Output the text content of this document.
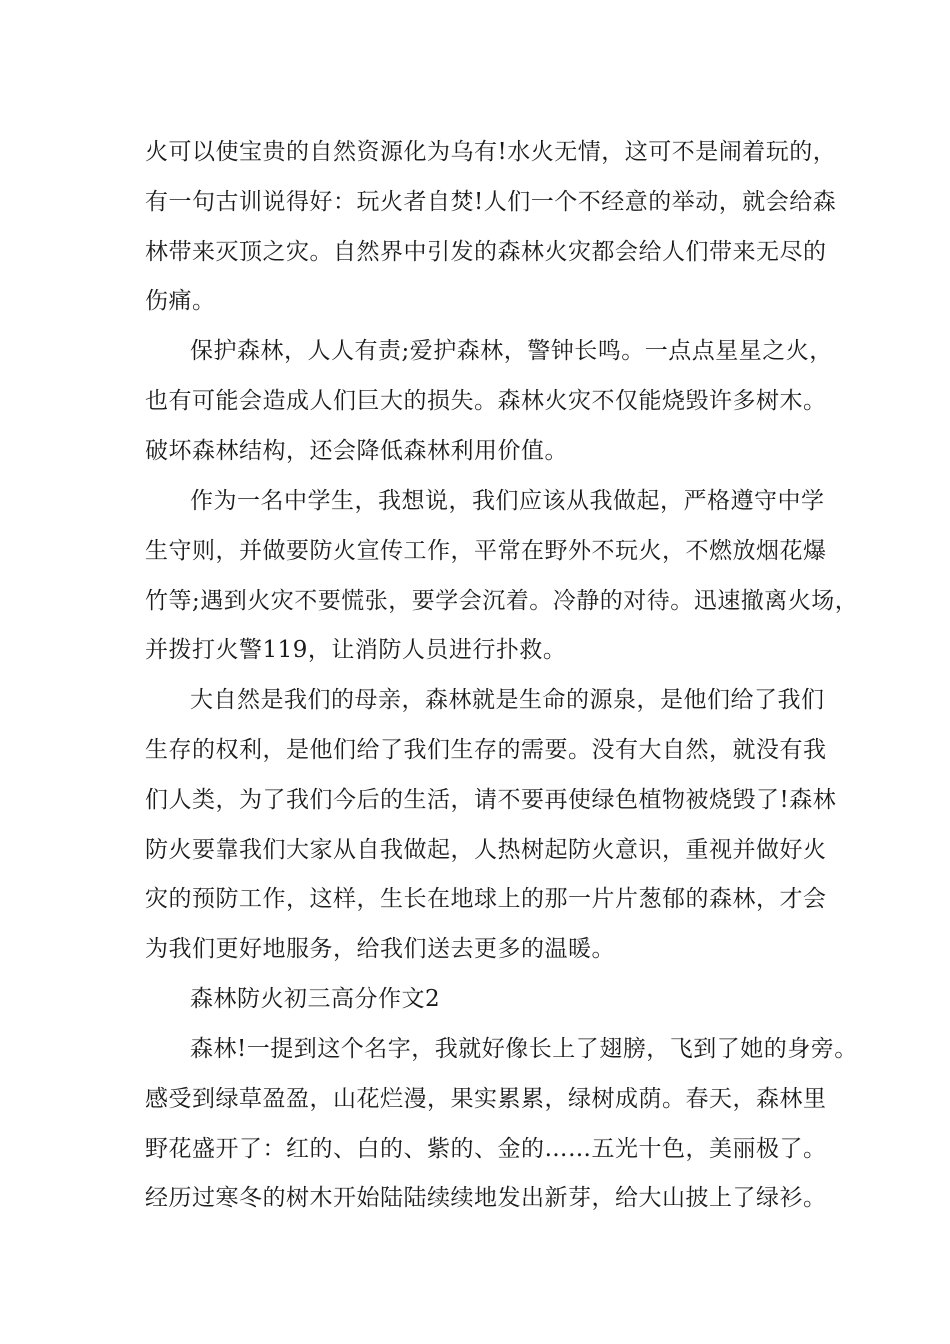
火可以使宝贵的自然资源化为乌有!水火无情，这可不是闹着玩的，
有一句古训说得好：玩火者自焚!人们一个不经意的举动，就会给森
林带来灭顶之灾。自然界中引发的森林火灾都会给人们带来无尽的
伤痛。
保护森林，人人有责;爱护森林，警钟长鸣。一点点星星之火，
也有可能会造成人们巨大的损失。森林火灾不仅能烧毁许多树木。
破坏森林结构，还会降低森林利用价值。
作为一名中学生，我想说，我们应该从我做起，严格遵守中学
生守则，并做要防火宣传工作，平常在野外不玩火，不燃放烟花爆
竹等;遇到火灾不要慌张，要学会沉着。冷静的对待。迅速撤离火场，
并拨打火警119，让消防人员进行扑救。
大自然是我们的母亲，森林就是生命的源泉，是他们给了我们
生存的权利，是他们给了我们生存的需要。没有大自然，就没有我
们人类，为了我们今后的生活，请不要再使绿色植物被烧毁了!森林
防火要靠我们大家从自我做起，人热树起防火意识，重视并做好火
灾的预防工作，这样，生长在地球上的那一片片葱郁的森林，才会
为我们更好地服务，给我们送去更多的温暖。
森林防火初三高分作文2
森林!一提到这个名字，我就好像长上了翅膀，飞到了她的身旁。
感受到绿草盈盈，山花烂漫，果实累累，绿树成荫。春天，森林里
野花盛开了：红的、白的、紫的、金的……五光十色，美丽极了。
经历过寒冬的树木开始陆陆续续地发出新芽，给大山披上了绿衫。
